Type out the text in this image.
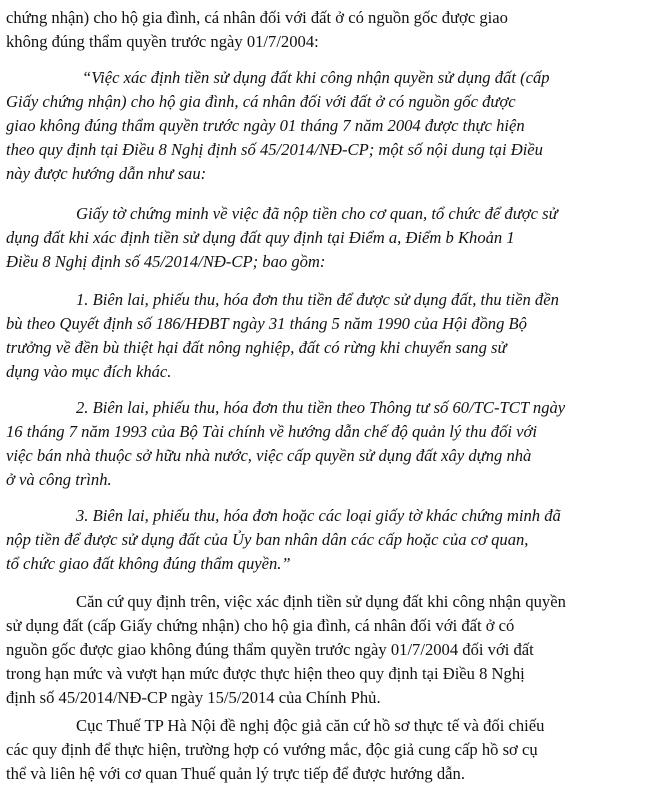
chứng nhận) cho hộ gia đình, cá nhân đối với đất ở có nguồn gốc được giao
không đúng thẩm quyền trước ngày 01/7/2004:
“Việc xác định tiền sử dụng đất khi công nhận quyền sử dụng đất (cấp
Giấy chứng nhận) cho hộ gia đình, cá nhân đối với đất ở có nguồn gốc được
giao không đúng thẩm quyền trước ngày 01 tháng 7 năm 2004 được thực hiện
theo quy định tại Điều 8 Nghị định số 45/2014/NĐ-CP; một số nội dung tại Điều
này được hướng dẫn như sau:
Giấy tờ chứng minh về việc đã nộp tiền cho cơ quan, tổ chức để được sử
dụng đất khi xác định tiền sử dụng đất quy định tại Điểm a, Điểm b Khoản 1
Điều 8 Nghị định số 45/2014/NĐ-CP; bao gồm:
1. Biên lai, phiếu thu, hóa đơn thu tiền để được sử dụng đất, thu tiền đền
bù theo Quyết định số 186/HĐBT ngày 31 tháng 5 năm 1990 của Hội đồng Bộ
trưởng về đền bù thiệt hại đất nông nghiệp, đất có rừng khi chuyển sang sử
dụng vào mục đích khác.
2. Biên lai, phiếu thu, hóa đơn thu tiền theo Thông tư số 60/TC-TCT ngày
16 tháng 7 năm 1993 của Bộ Tài chính về hướng dẫn chế độ quản lý thu đối với
việc bán nhà thuộc sở hữu nhà nước, việc cấp quyền sử dụng đất xây dựng nhà
ở và công trình.
3. Biên lai, phiếu thu, hóa đơn hoặc các loại giấy tờ khác chứng minh đã
nộp tiền để được sử dụng đất của Ủy ban nhân dân các cấp hoặc của cơ quan,
tổ chức giao đất không đúng thẩm quyền.”
Căn cứ quy định trên, việc xác định tiền sử dụng đất khi công nhận quyền
sử dụng đất (cấp Giấy chứng nhận) cho hộ gia đình, cá nhân đối với đất ở có
nguồn gốc được giao không đúng thẩm quyền trước ngày 01/7/2004 đối với đất
trong hạn mức và vượt hạn mức được thực hiện theo quy định tại Điều 8 Nghị
định số 45/2014/NĐ-CP ngày 15/5/2014 của Chính Phủ.
Cục Thuế TP Hà Nội đề nghị độc giả căn cứ hồ sơ thực tế và đối chiếu
các quy định để thực hiện, trường hợp có vướng mắc, độc giả cung cấp hồ sơ cụ
thể và liên hệ với cơ quan Thuế quản lý trực tiếp để được hướng dẫn.
